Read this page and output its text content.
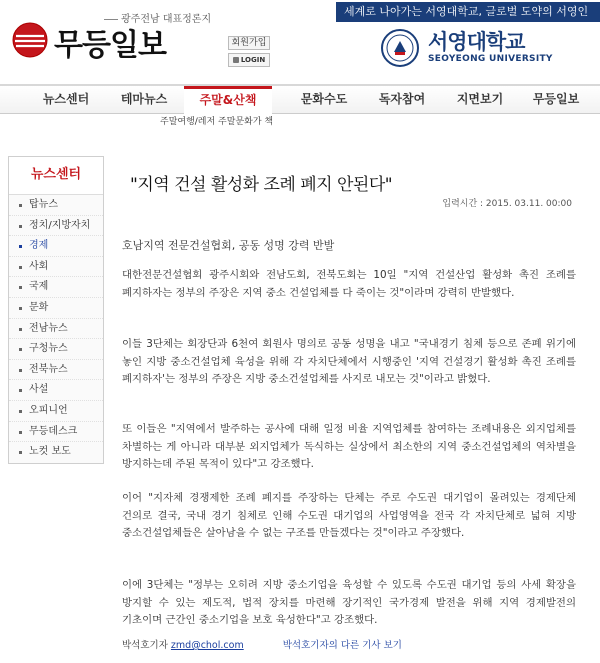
광주전남 대표정론지
무등일보	회원가입
LOGIN
세계로 나아가는 서영대학교, 글로벌 도약의 서영인
서영대학교
SEOYEONG UNIVERSITY
뉴스센터	테마뉴스	주말&산책	문화수도	독자참여	지면보기	무등일보
주말여행/레저 주말문화가 책
뉴스센터
탑뉴스
정치/지방자치
경제
사회
국제
문화
전남뉴스
구청뉴스
전북뉴스
사설
오피니언
무등데스크
노컷 보도
"지역 건설 활성화 조례 폐지 안된다"
입력시간 : 2015. 03.11. 00:00
호남지역 전문건설협회, 공동 성명 강력 반발

대한전문건설협회 광주시회와 전남도회, 전북도회는 10일 "지역 건설산업 활성화 촉진 조례를 폐지하자는 정부의 주장은 지역 중소 건설업체를 다 죽이는 것"이라며 강력히 반발했다.

이들 3단체는 회장단과 6천여 회원사 명의로 공동 성명을 내고 "국내경기 침체 등으로 존폐 위기에 놓인 지방 중소건설업체 육성을 위해 각 자치단체에서 시행중인 '지역 건설경기 활성화 촉진 조례를 폐지하자'는 정부의 주장은 지방 중소건설업체를 사지로 내모는 것"이라고 밝혔다.

또 이들은 "지역에서 발주하는 공사에 대해 일정 비율 지역업체를 참여하는 조례내용은 외지업체를 차별하는 게 아니라 대부분 외지업체가 독식하는 실상에서 최소한의 지역 중소건설업체의 역차별을 방지하는데 주된 목적이 있다"고 강조했다.

이어 "지자체 경쟁제한 조례 폐지를 주장하는 단체는 주로 수도권 대기업이 몰려있는 경제단체 건의로 결국, 국내 경기 침체로 인해 수도권 대기업의 사업영역을 전국 각 자치단체로 넓혀 지방 중소건설업체들은 살아남을 수 없는 구조를 만들겠다는 것"이라고 주장했다.

이에 3단체는 "정부는 오히려 지방 중소기업을 육성할 수 있도록 수도권 대기업 등의 사세 확장을 방지할 수 있는 제도적, 법적 장치를 마련해 장기적인 국가경제 발전을 위해 지역 경제발전의 기초이며 근간인 중소기업을 보호 육성한다"고 강조했다.

박석호기자 zmd@chol.com	박석호기자의 다른 기사 보기
